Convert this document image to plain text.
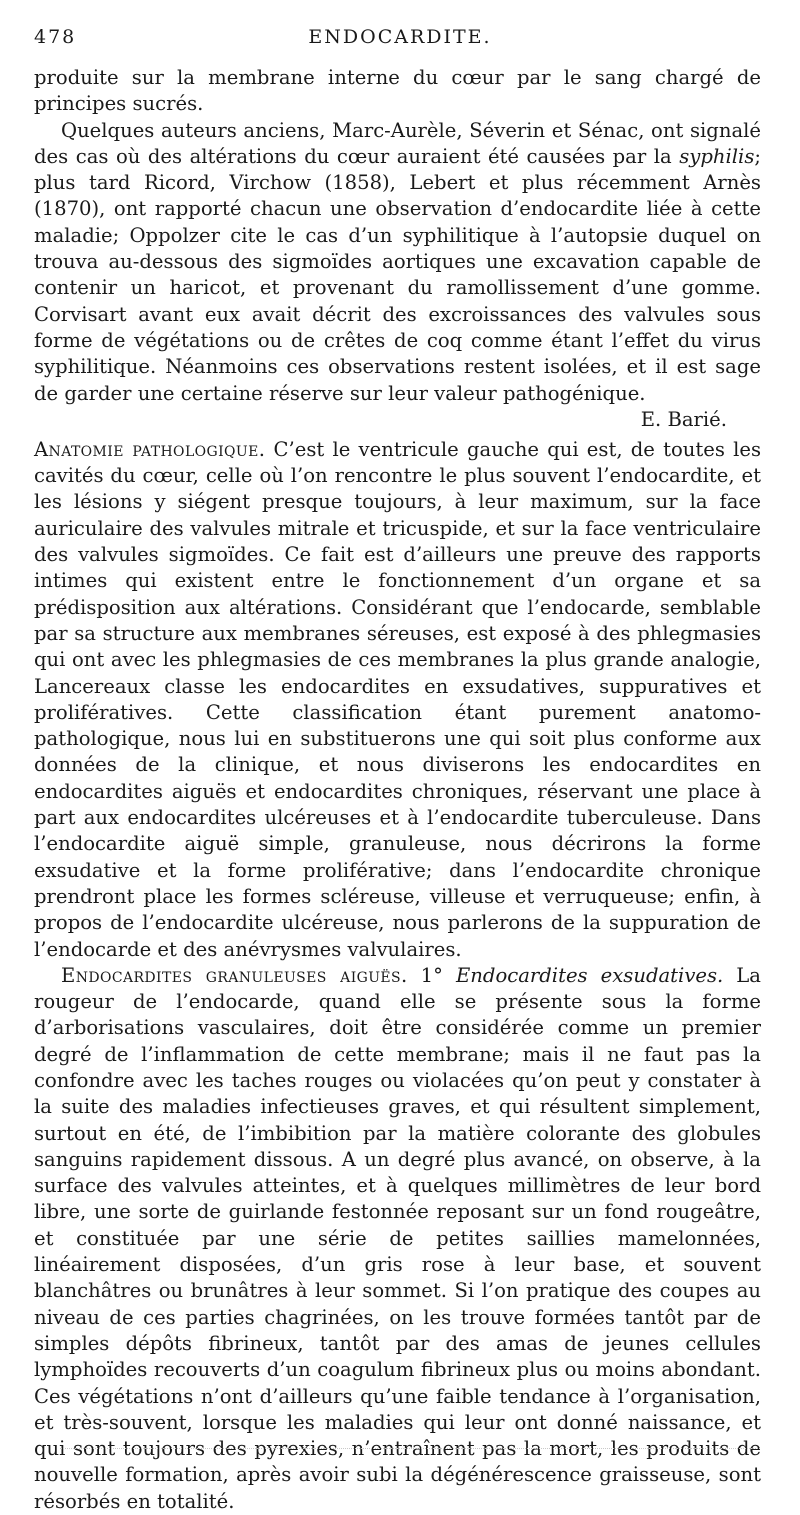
478	ENDOCARDITE.

produite sur la membrane interne du cœur par le sang chargé de principes sucrés.

Quelques auteurs anciens, Marc-Aurèle, Séverin et Sénac, ont signalé des cas où des altérations du cœur auraient été causées par la syphilis; plus tard Ricord, Virchow (1858), Lebert et plus récemment Arnès (1870), ont rapporté chacun une observation d’endocardite liée à cette maladie; Oppolzer cite le cas d’un syphilitique à l’autopsie duquel on trouva au-dessous des sigmoïdes aortiques une excavation capable de contenir un haricot, et provenant du ramollissement d’une gomme. Corvisart avant eux avait décrit des excroissances des valvules sous forme de végétations ou de crêtes de coq comme étant l’effet du virus syphilitique. Néanmoins ces observations restent isolées, et il est sage de garder une certaine réserve sur leur valeur pathogénique.
E. Barié.

Anatomie pathologique. C’est le ventricule gauche qui est, de toutes les cavités du cœur, celle où l’on rencontre le plus souvent l’endocardite, et les lésions y siégent presque toujours, à leur maximum, sur la face auriculaire des valvules mitrale et tricuspide, et sur la face ventriculaire des valvules sigmoïdes. Ce fait est d’ailleurs une preuve des rapports intimes qui existent entre le fonctionnement d’un organe et sa prédisposition aux altérations. Considérant que l’endocarde, semblable par sa structure aux membranes séreuses, est exposé à des phlegmasies qui ont avec les phlegmasies de ces membranes la plus grande analogie, Lancereaux classe les endocardites en exsudatives, suppuratives et prolifératives. Cette classification étant purement anatomo-pathologique, nous lui en substituerons une qui soit plus conforme aux données de la clinique, et nous diviserons les endocardites en endocardites aiguës et endocardites chroniques, réservant une place à part aux endocardites ulcéreuses et à l’endocardite tuberculeuse. Dans l’endocardite aiguë simple, granuleuse, nous décrirons la forme exsudative et la forme proliférative; dans l’endocardite chronique prendront place les formes scléreuse, villeuse et verruqueuse; enfin, à propos de l’endocardite ulcéreuse, nous parlerons de la suppuration de l’endocarde et des anévrysmes valvulaires.

Endocardites granuleuses aiguës. 1° Endocardites exsudatives. La rougeur de l’endocarde, quand elle se présente sous la forme d’arborisations vasculaires, doit être considérée comme un premier degré de l’inflammation de cette membrane; mais il ne faut pas la confondre avec les taches rouges ou violacées qu’on peut y constater à la suite des maladies infectieuses graves, et qui résultent simplement, surtout en été, de l’imbibition par la matière colorante des globules sanguins rapidement dissous. A un degré plus avancé, on observe, à la surface des valvules atteintes, et à quelques millimètres de leur bord libre, une sorte de guirlande festonnée reposant sur un fond rougeâtre, et constituée par une série de petites saillies mamelonnées, linéairement disposées, d’un gris rose à leur base, et souvent blanchâtres ou brunâtres à leur sommet. Si l’on pratique des coupes au niveau de ces parties chagrinées, on les trouve formées tantôt par de simples dépôts fibrineux, tantôt par des amas de jeunes cellules lymphoïdes recouverts d’un coagulum fibrineux plus ou moins abondant. Ces végétations n’ont d’ailleurs qu’une faible tendance à l’organisation, et très-souvent, lorsque les maladies qui leur ont donné naissance, et qui sont toujours des pyrexies, n’entraînent pas la mort, les produits de nouvelle formation, après avoir subi la dégénérescence graisseuse, sont résorbés en totalité.
